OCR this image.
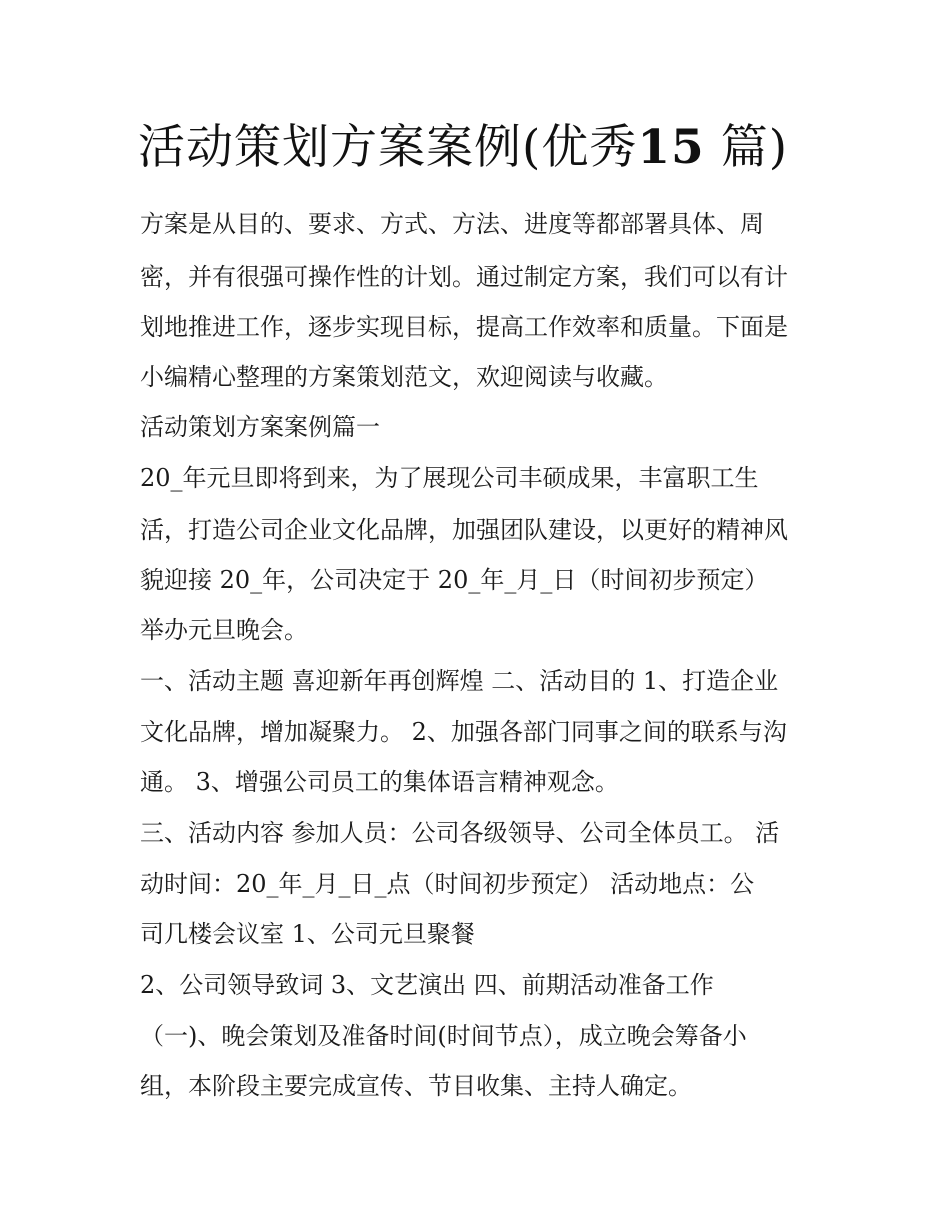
活动策划方案案例(优秀15 篇)
方案是从目的、要求、方式、方法、进度等都部署具体、周
密，并有很强可操作性的计划。通过制定方案，我们可以有计
划地推进工作，逐步实现目标，提高工作效率和质量。下面是
小编精心整理的方案策划范文，欢迎阅读与收藏。
活动策划方案案例篇一
20_年元旦即将到来，为了展现公司丰硕成果，丰富职工生
活，打造公司企业文化品牌，加强团队建设，以更好的精神风
貌迎接 20_年，公司决定于 20_年_月_日（时间初步预定）
举办元旦晚会。
一、活动主题 喜迎新年再创辉煌 二、活动目的 1、打造企业
文化品牌，增加凝聚力。 2、加强各部门同事之间的联系与沟
通。 3、增强公司员工的集体语言精神观念。
三、活动内容 参加人员：公司各级领导、公司全体员工。 活
动时间：20_年_月_日_点（时间初步预定） 活动地点：公
司几楼会议室 1、公司元旦聚餐
2、公司领导致词 3、文艺演出 四、前期活动准备工作
（一)、晚会策划及准备时间(时间节点），成立晚会筹备小
组，本阶段主要完成宣传、节目收集、主持人确定。
